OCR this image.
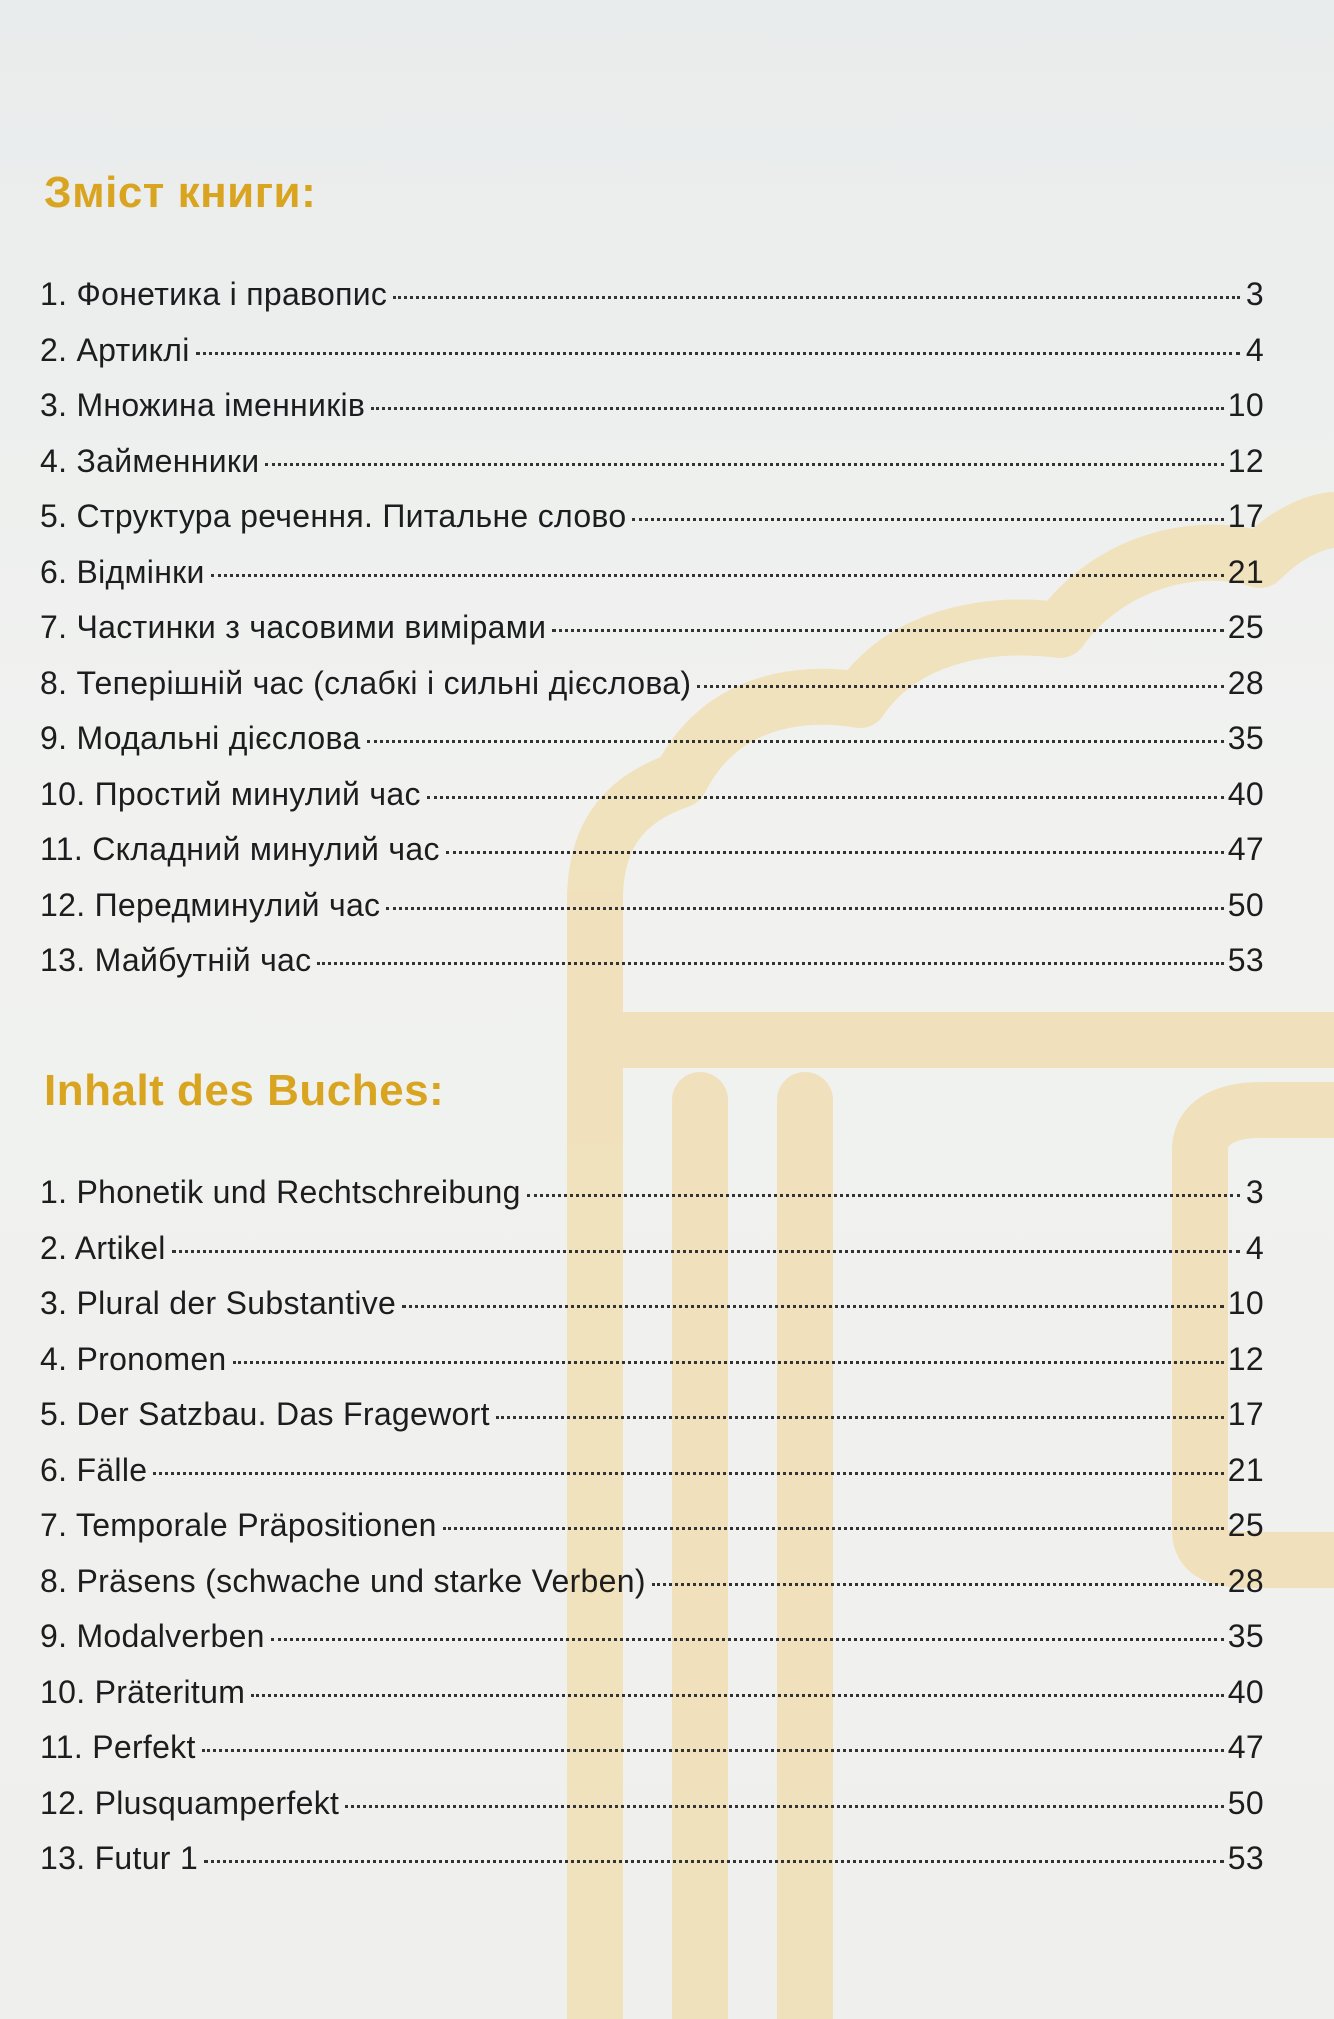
Зміст книги:
1. Фонетика і правопис	3
2. Артиклі	4
3. Множина іменників	10
4. Займенники	12
5. Структура речення. Питальне слово	17
6. Відмінки	21
7. Частинки з часовими вимірами	25
8. Теперішній час (слабкі і сильні дієслова)	28
9. Модальні дієслова	35
10. Простий минулий час	40
11. Складний минулий час	47
12. Передминулий час	50
13. Майбутній час	53
Inhalt des Buches:
1. Phonetik und Rechtschreibung	3
2. Artikel	4
3. Plural der Substantive	10
4. Pronomen	12
5. Der Satzbau. Das Fragewort	17
6. Fälle	21
7. Temporale Präpositionen	25
8. Präsens (schwache und starke Verben)	28
9. Modalverben	35
10. Präteritum	40
11. Perfekt	47
12. Plusquamperfekt	50
13. Futur 1	53
